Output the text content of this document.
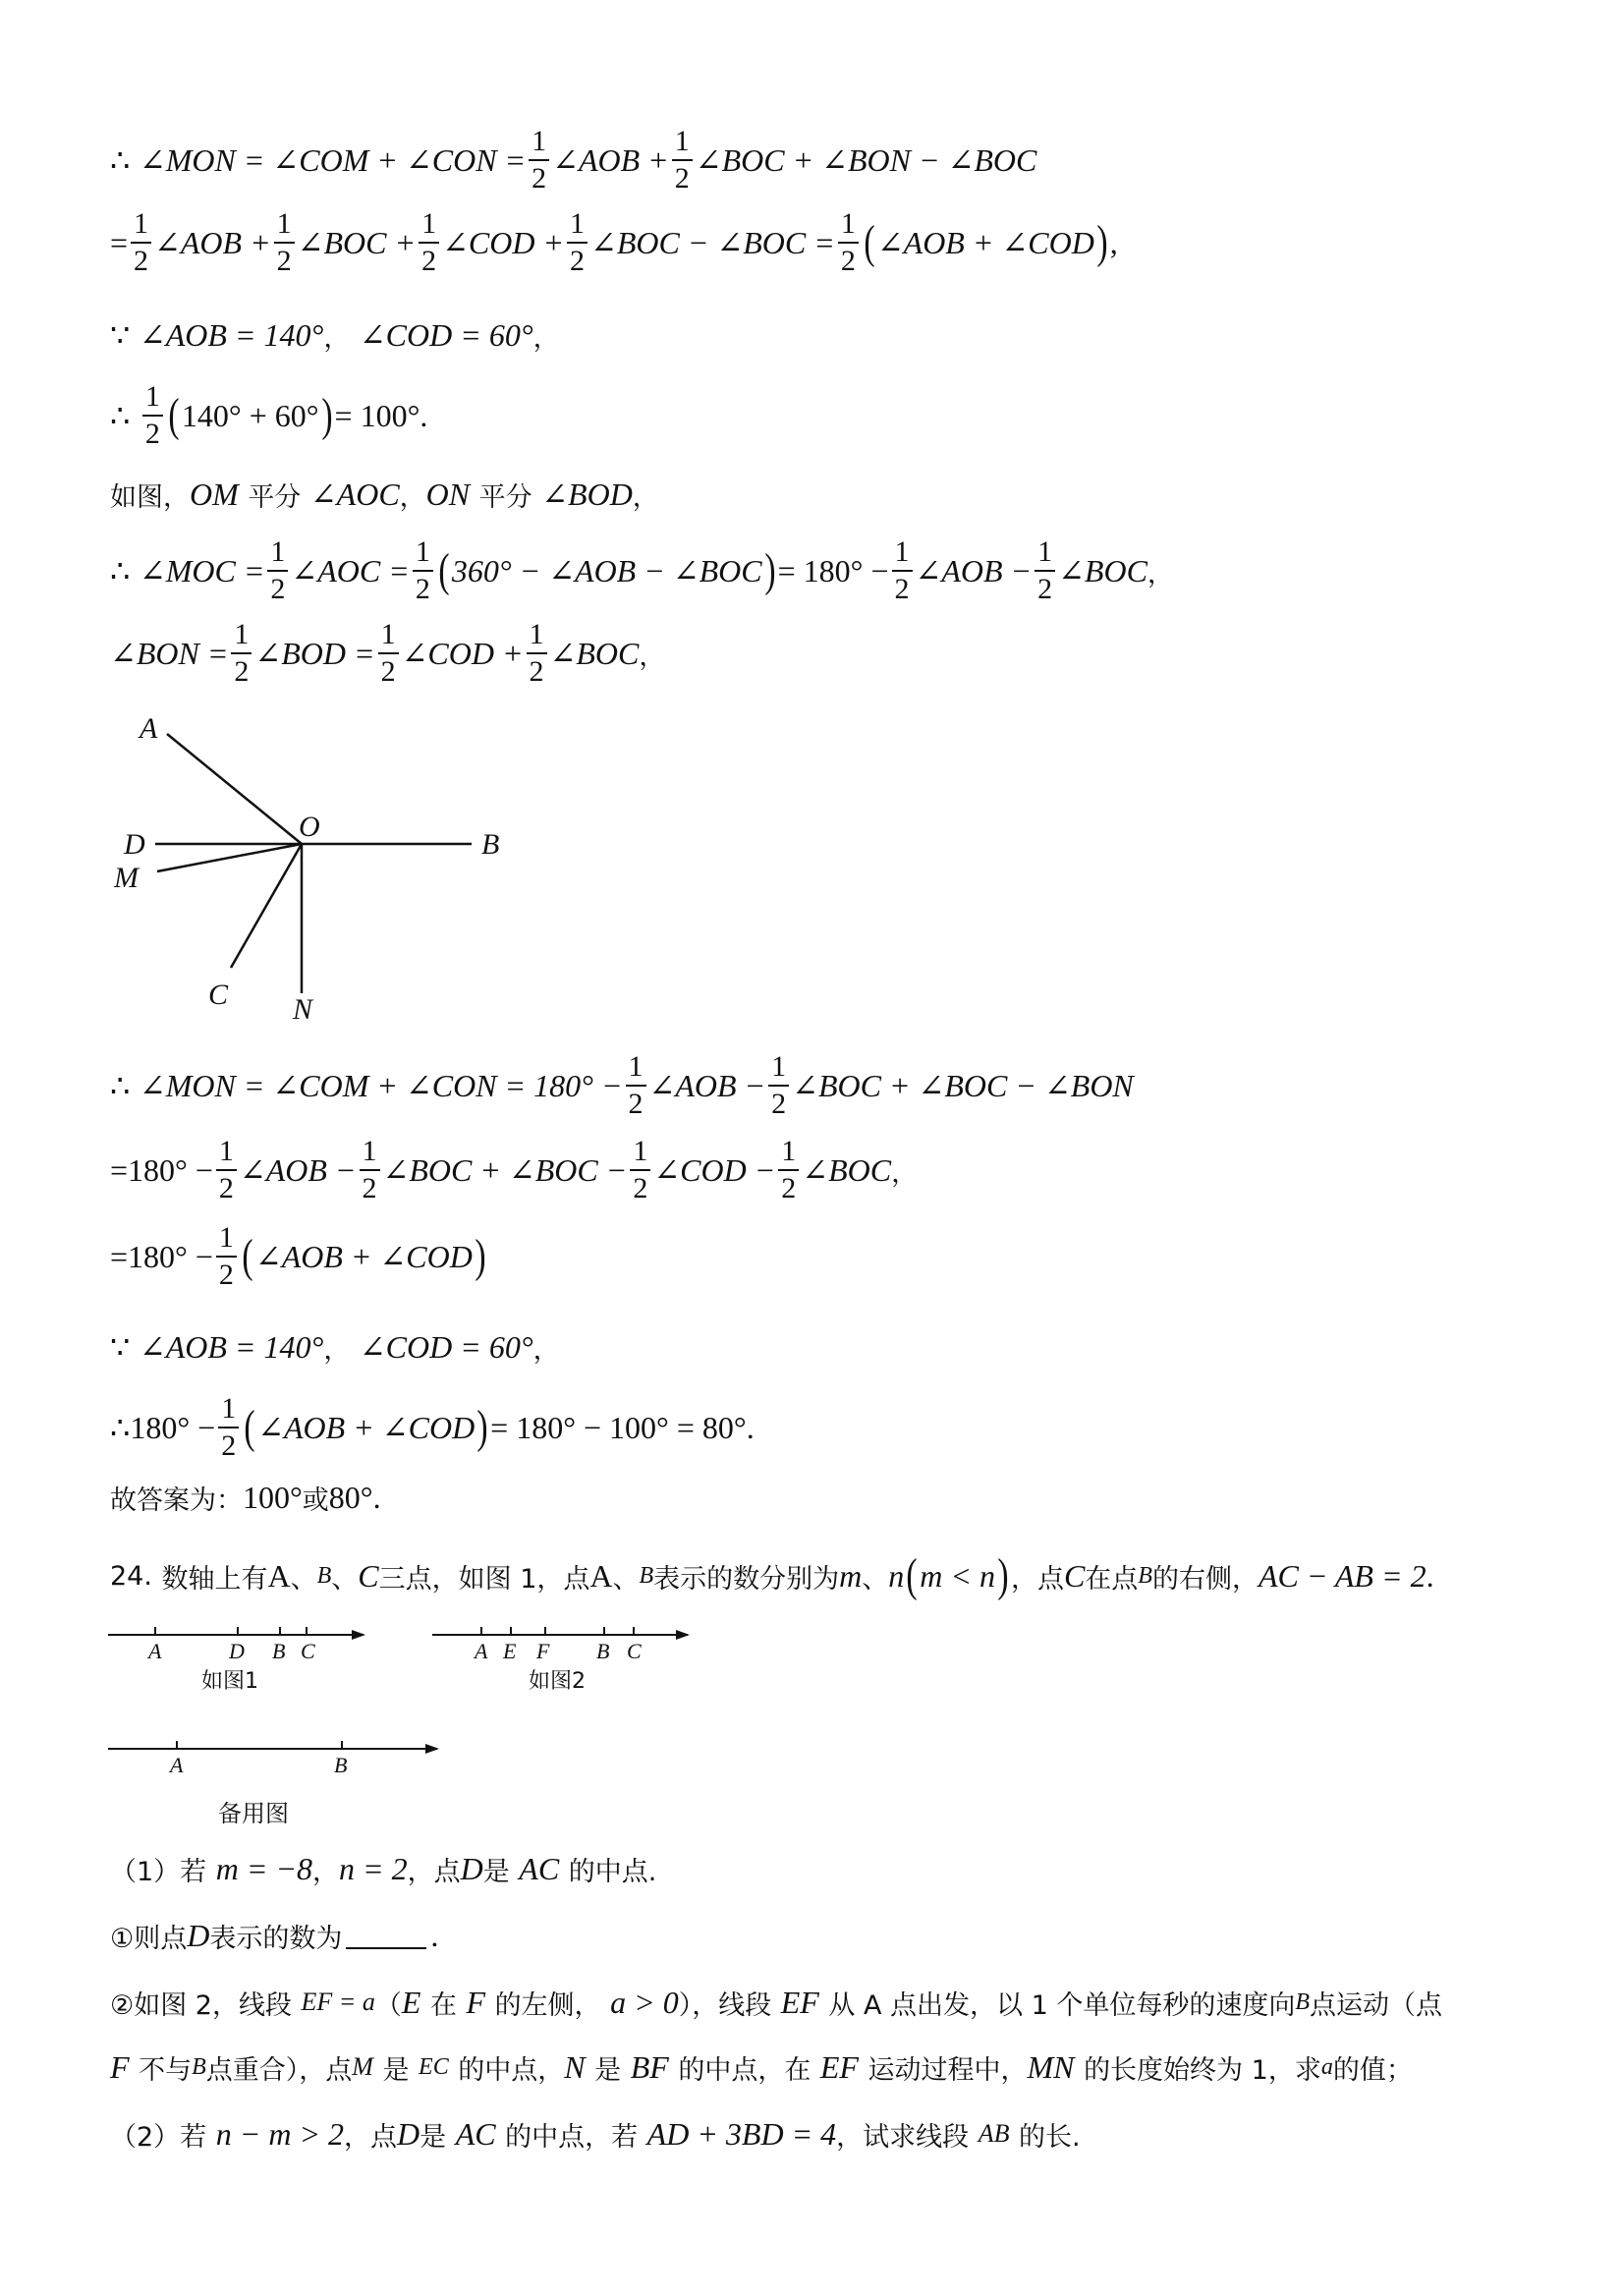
∴
∠MON = ∠COM + ∠CON = $\frac{1}{2}$ ∠AOB + $\frac{1}{2}$ ∠BOC + ∠BON − ∠BOC
= $\frac{1}{2}$ ∠AOB + $\frac{1}{2}$ ∠BOC + $\frac{1}{2}$ ∠COD + $\frac{1}{2}$ ∠BOC − ∠BOC = $\frac{1}{2}$ ( ∠AOB + ∠COD ) ,
∵
∠AOB = 140° ，
∠COD = 60° ，
∴
$\frac{1}{2}$ ( 140° + 60° ) = 100° .
如图， OM
平分
∠AOC ， ON
平分
∠BOD ，
∴
∠MOC = $\frac{1}{2}$ ∠AOC = $\frac{1}{2}$ ( 360° − ∠AOB − ∠BOC ) = $180^\circ - \frac{1}{2}$ ∠AOB − $\frac{1}{2}$ ∠BOC ，
∠BON = $\frac{1}{2}$ ∠BOD = $\frac{1}{2}$ ∠COD + $\frac{1}{2}$ ∠BOC ，
A
D
O
B
M
C N
∴
∠MON = ∠COM + ∠CON = $180^\circ - \frac{1}{2}$ ∠AOB − $\frac{1}{2}$ ∠BOC + ∠BOC − ∠BON
$=180^\circ - \frac{1}{2}$ ∠AOB − $\frac{1}{2}$ ∠BOC + ∠BOC − $\frac{1}{2}$ ∠COD − $\frac{1}{2}$ ∠BOC ，
$=180^\circ - \frac{1}{2}$ ( ∠AOB + ∠COD )
∵
∠AOB = 140° ，
∠COD = 60° ，
∴ $180^\circ - \frac{1}{2}$ ( ∠AOB + ∠COD ) = 180° − 100° = 80° .
故答案为： 100° 或 80° .
24.
数轴上有 A 、 B 、 C 三点，如图 1，点 A 、 B 表示的数分别为 m 、 n ( m < n ) ，点 C 在点 B 的右侧， AC − AB = 2 .
A	D B C
如图1
A E F B C
如图2
A	B
备用图
（1）若
m = −8 ， n = 2 ，点 D 是
AC
的中点.
①则点 D 表示的数为	.
②如图 2，线段
EF = a （ E
在
F
的左侧，
a > 0 ），线段
EF
从 A 点出发，以 1 个单位每秒的速度向 B 点运动（点
F
不与 B 点重合），点 M
是
EC
的中点， N
是
BF
的中点，在
EF
运动过程中， MN
的长度始终为 1，求 a 的值；
（2）若
n − m > 2 ，点 D 是
AC
的中点，若
AD + 3BD = 4 ，试求线段
AB
的长.
